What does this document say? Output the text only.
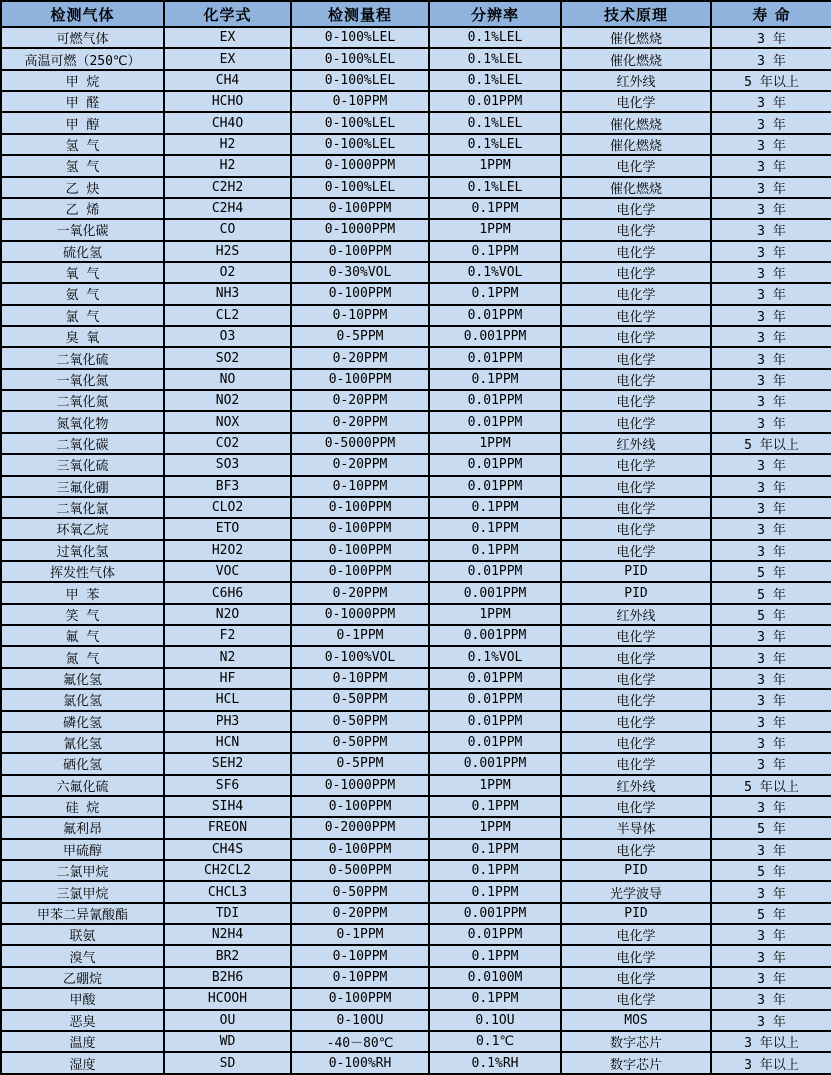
检测气体	化学式	检测量程	分辨率	技术原理	寿 命
可燃气体	EX	0-100%LEL	0.1%LEL	催化燃烧	3 年
高温可燃（250℃）	EX	0-100%LEL	0.1%LEL	催化燃烧	3 年
甲 烷	CH4	0-100%LEL	0.1%LEL	红外线	5 年以上
甲 醛	HCHO	0-10PPM	0.01PPM	电化学	3 年
甲 醇	CH4O	0-100%LEL	0.1%LEL	催化燃烧	3 年
氢 气	H2	0-100%LEL	0.1%LEL	催化燃烧	3 年
氢 气	H2	0-1000PPM	1PPM	电化学	3 年
乙 炔	C2H2	0-100%LEL	0.1%LEL	催化燃烧	3 年
乙 烯	C2H4	0-100PPM	0.1PPM	电化学	3 年
一氧化碳	CO	0-1000PPM	1PPM	电化学	3 年
硫化氢	H2S	0-100PPM	0.1PPM	电化学	3 年
氧 气	O2	0-30%VOL	0.1%VOL	电化学	3 年
氨 气	NH3	0-100PPM	0.1PPM	电化学	3 年
氯 气	CL2	0-10PPM	0.01PPM	电化学	3 年
臭 氧	O3	0-5PPM	0.001PPM	电化学	3 年
二氧化硫	SO2	0-20PPM	0.01PPM	电化学	3 年
一氧化氮	NO	0-100PPM	0.1PPM	电化学	3 年
二氧化氮	NO2	0-20PPM	0.01PPM	电化学	3 年
氮氧化物	NOX	0-20PPM	0.01PPM	电化学	3 年
二氧化碳	CO2	0-5000PPM	1PPM	红外线	5 年以上
三氧化硫	SO3	0-20PPM	0.01PPM	电化学	3 年
三氟化硼	BF3	0-10PPM	0.01PPM	电化学	3 年
二氧化氯	CLO2	0-100PPM	0.1PPM	电化学	3 年
环氧乙烷	ETO	0-100PPM	0.1PPM	电化学	3 年
过氧化氢	H2O2	0-100PPM	0.1PPM	电化学	3 年
挥发性气体	VOC	0-100PPM	0.01PPM	PID	5 年
甲 苯	C6H6	0-20PPM	0.001PPM	PID	5 年
笑 气	N2O	0-1000PPM	1PPM	红外线	5 年
氟 气	F2	0-1PPM	0.001PPM	电化学	3 年
氮 气	N2	0-100%VOL	0.1%VOL	电化学	3 年
氟化氢	HF	0-10PPM	0.01PPM	电化学	3 年
氯化氢	HCL	0-50PPM	0.01PPM	电化学	3 年
磷化氢	PH3	0-50PPM	0.01PPM	电化学	3 年
氰化氢	HCN	0-50PPM	0.01PPM	电化学	3 年
硒化氢	SEH2	0-5PPM	0.001PPM	电化学	3 年
六氟化硫	SF6	0-1000PPM	1PPM	红外线	5 年以上
硅 烷	SIH4	0-100PPM	0.1PPM	电化学	3 年
氟利昂	FREON	0-2000PPM	1PPM	半导体	5 年
甲硫醇	CH4S	0-100PPM	0.1PPM	电化学	3 年
二氯甲烷	CH2CL2	0-500PPM	0.1PPM	PID	5 年
三氯甲烷	CHCL3	0-50PPM	0.1PPM	光学波导	3 年
甲苯二异氰酸酯	TDI	0-20PPM	0.001PPM	PID	5 年
联氨	N2H4	0-1PPM	0.01PPM	电化学	3 年
溴气	BR2	0-10PPM	0.1PPM	电化学	3 年
乙硼烷	B2H6	0-10PPM	0.0100M	电化学	3 年
甲酸	HCOOH	0-100PPM	0.1PPM	电化学	3 年
恶臭	OU	0-10OU	0.1OU	MOS	3 年
温度	WD	-40－80℃	0.1℃	数字芯片	3 年以上
湿度	SD	0-100%RH	0.1%RH	数字芯片	3 年以上
